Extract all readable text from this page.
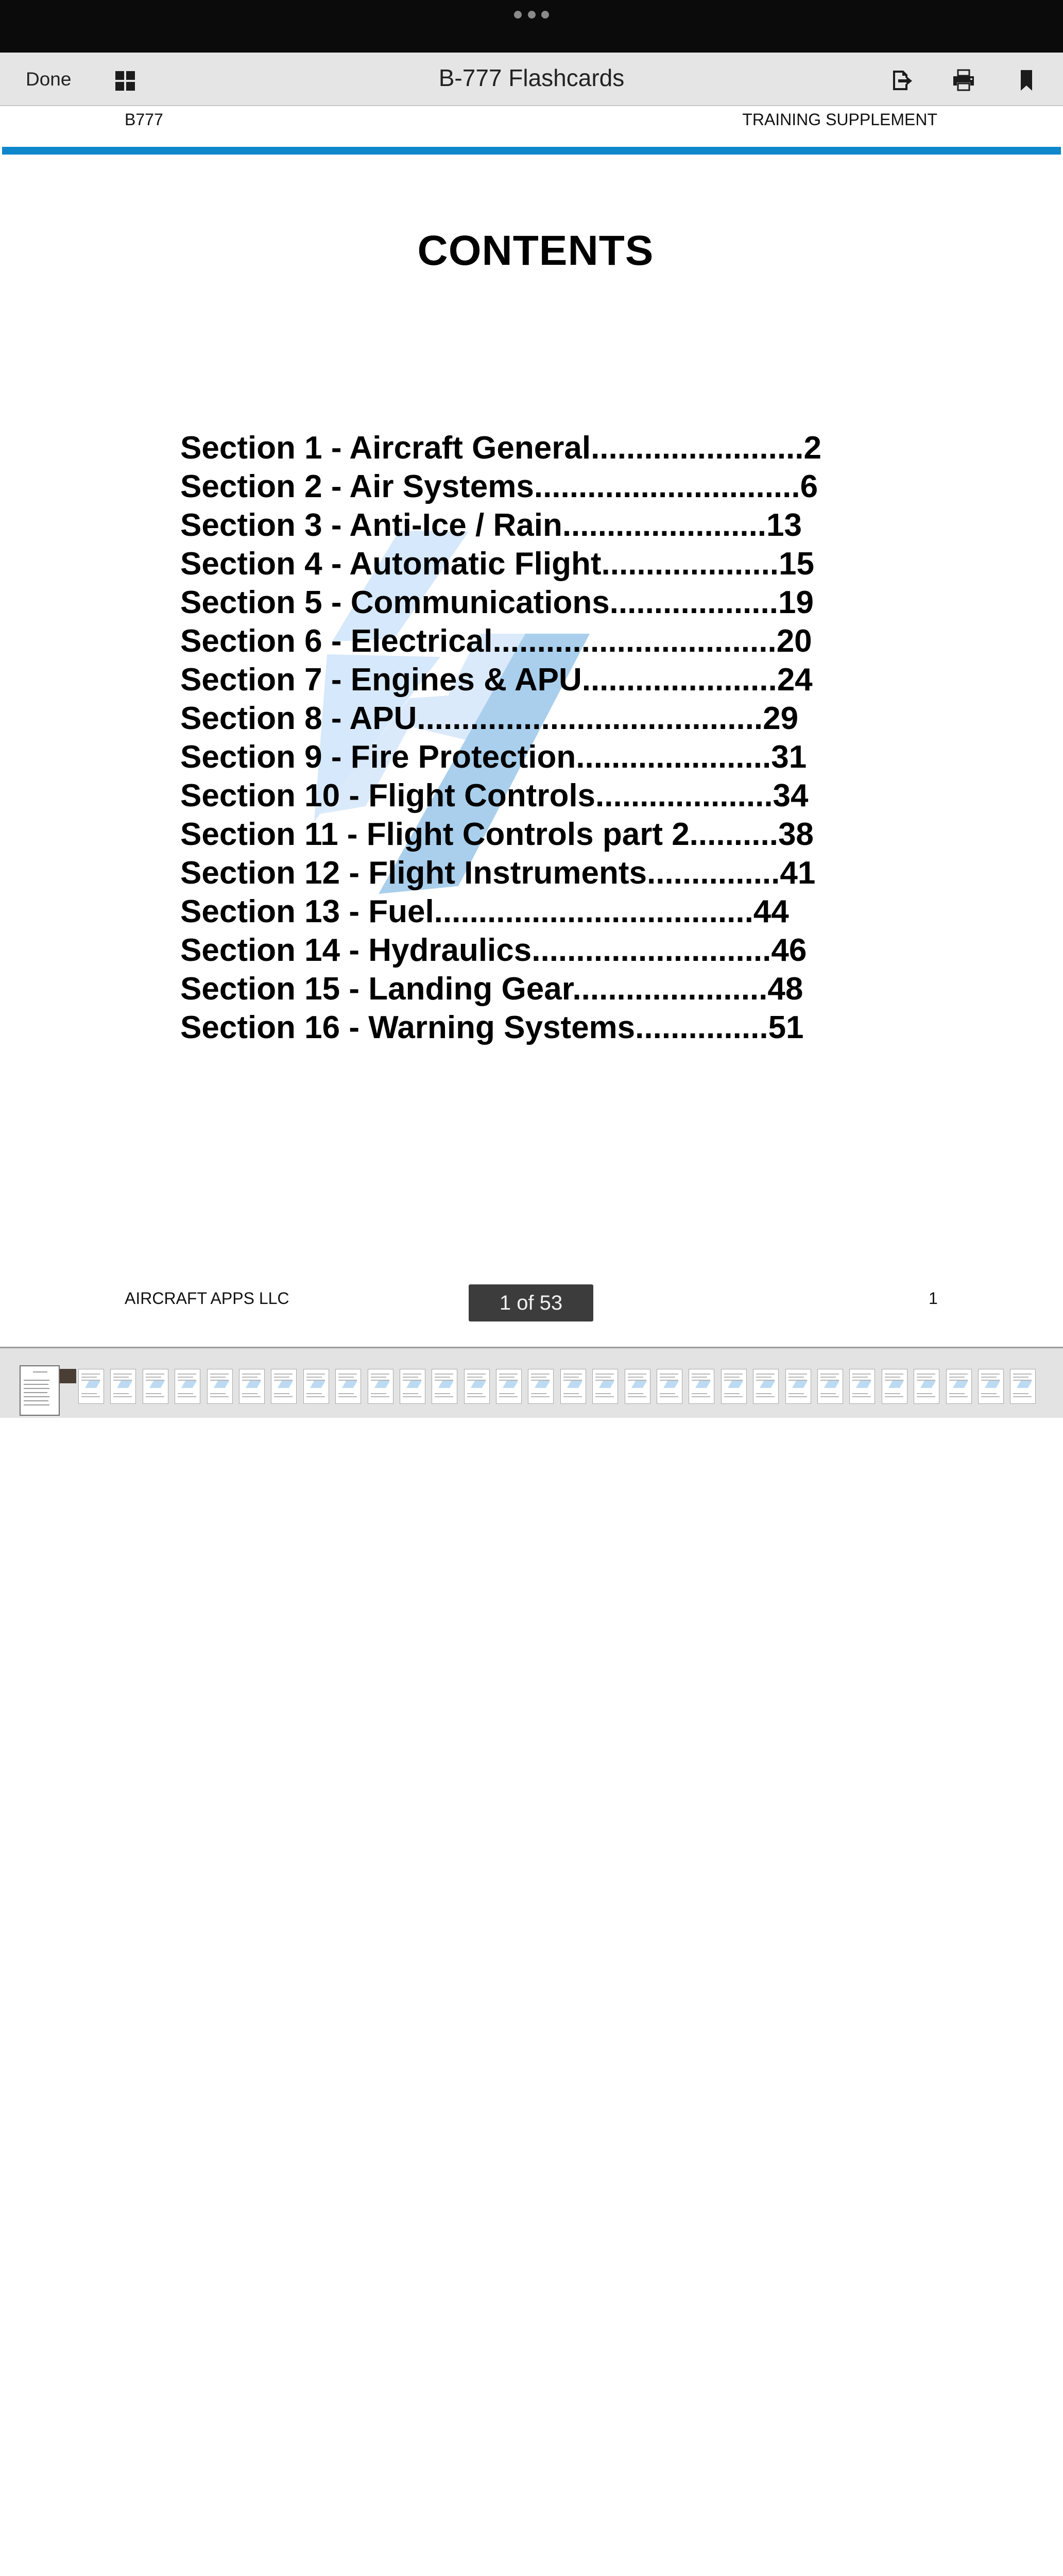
Done	B-777 Flashcards
B777	TRAINING SUPPLEMENT
CONTENTS
Section 1 - Aircraft General........................2
Section 2 - Air Systems..............................6
Section 3 - Anti-Ice / Rain.......................13
Section 4 - Automatic Flight....................15
Section 5 - Communications...................19
Section 6 - Electrical................................20
Section 7 - Engines & APU......................24
Section 8 - APU.......................................29
Section 9 - Fire Protection......................31
Section 10 - Flight Controls....................34
Section 11 - Flight Controls part 2..........38
Section 12 - Flight Instruments...............41
Section 13 - Fuel....................................44
Section 14 - Hydraulics...........................46
Section 15 - Landing Gear......................48
Section 16 - Warning Systems...............51
AIRCRAFT APPS LLC	1 of 53	1
